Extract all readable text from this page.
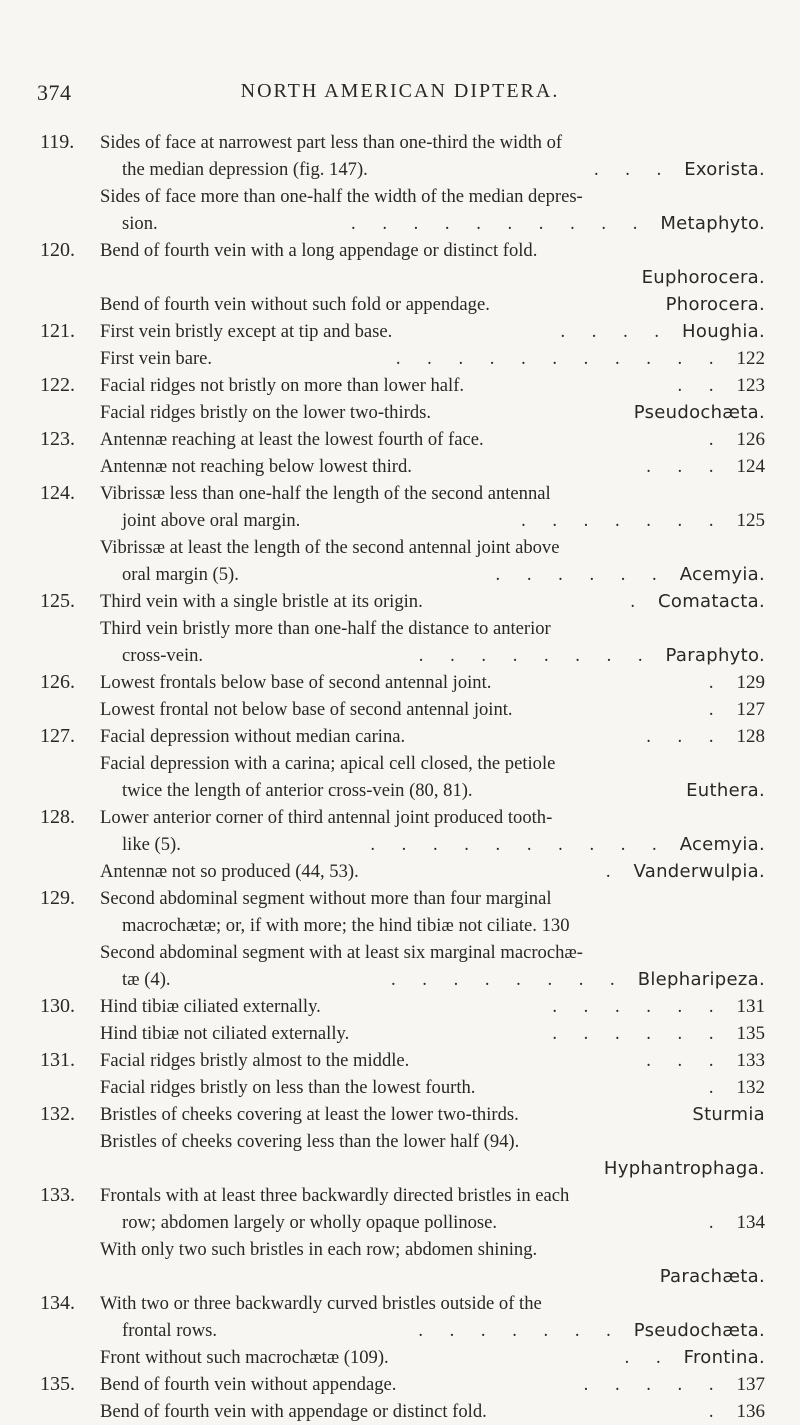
374	NORTH AMERICAN DIPTERA.
119. Sides of face at narrowest part less than one-third the width of
the median depression (fig. 147).	. . . Exorista.
Sides of face more than one-half the width of the median depres-
sion.	. . . . . . . . . . Metaphyto.
120. Bend of fourth vein with a long appendage or distinct fold.
Euphorocera.
Bend of fourth vein without such fold or appendage.	Phorocera.
121. First vein bristly except at tip and base.	. . . . Houghia.
First vein bare.	. . . . . . . . . . . 122
122. Facial ridges not bristly on more than lower half.	. . 123
Facial ridges bristly on the lower two-thirds.	Pseudochæta.
123. Antennæ reaching at least the lowest fourth of face.	. 126
Antennæ not reaching below lowest third.	. . . 124
124. Vibrissæ less than one-half the length of the second antennal
joint above oral margin.	. . . . . . . 125
Vibrissæ at least the length of the second antennal joint above
oral margin (5).	. . . . . . Acemyia.
125. Third vein with a single bristle at its origin.	. Comatacta.
Third vein bristly more than one-half the distance to anterior
cross-vein.	. . . . . . . . Paraphyto.
126. Lowest frontals below base of second antennal joint.	. 129
Lowest frontal not below base of second antennal joint.	. 127
127. Facial depression without median carina.	. . . 128
Facial depression with a carina; apical cell closed, the petiole
twice the length of anterior cross-vein (80, 81).	Euthera.
128. Lower anterior corner of third antennal joint produced tooth-
like (5).	. . . . . . . . . . Acemyia.
Antennæ not so produced (44, 53).	. Vanderwulpia.
129. Second abdominal segment without more than four marginal
macrochætæ; or, if with more; the hind tibiæ not ciliate. 130
Second abdominal segment with at least six marginal macrochæ-
tæ (4).	. . . . . . . . Blepharipeza.
130. Hind tibiæ ciliated externally.	. . . . . . 131
Hind tibiæ not ciliated externally.	. . . . . . 135
131. Facial ridges bristly almost to the middle.	. . . 133
Facial ridges bristly on less than the lowest fourth.	. 132
132. Bristles of cheeks covering at least the lower two-thirds.	Sturmia
Bristles of cheeks covering less than the lower half (94).
Hyphantrophaga.
133. Frontals with at least three backwardly directed bristles in each
row; abdomen largely or wholly opaque pollinose.	. 134
With only two such bristles in each row; abdomen shining.
Parachæta.
134. With two or three backwardly curved bristles outside of the
frontal rows.	. . . . . . . Pseudochæta.
Front without such macrochætæ (109).	. . Frontina.
135. Bend of fourth vein without appendage.	. . . . . 137
Bend of fourth vein with appendage or distinct fold.	. 136
